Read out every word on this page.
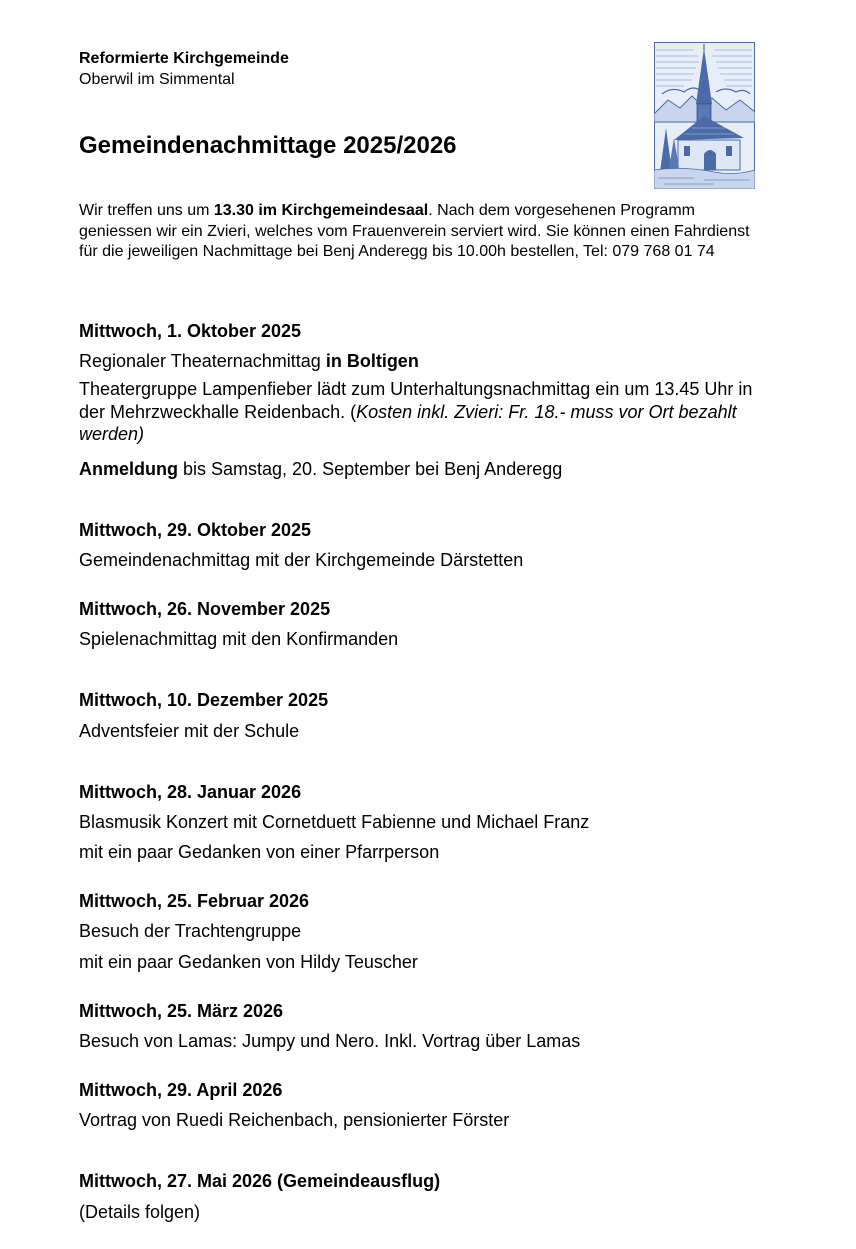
Reformierte Kirchgemeinde
Oberwil im Simmental
Gemeindenachmittage 2025/2026
Wir treffen uns um 13.30 im Kirchgemeindesaal. Nach dem vorgesehenen Programm geniessen wir ein Zvieri, welches vom Frauenverein serviert wird. Sie können einen Fahrdienst für die jeweiligen Nachmittage bei Benj Anderegg bis 10.00h bestellen, Tel: 079 768 01 74
Mittwoch, 1. Oktober 2025
Regionaler Theaternachmittag in Boltigen
Theatergruppe Lampenfieber lädt zum Unterhaltungsnachmittag ein um 13.45 Uhr in der Mehrzweckhalle Reidenbach. (Kosten inkl. Zvieri: Fr. 18.- muss vor Ort bezahlt werden)
Anmeldung bis Samstag, 20. September bei Benj Anderegg
Mittwoch, 29. Oktober 2025
Gemeindenachmittag mit der Kirchgemeinde Därstetten
Mittwoch, 26. November 2025
Spielenachmittag mit den Konfirmanden
Mittwoch, 10. Dezember 2025
Adventsfeier mit der Schule
Mittwoch, 28. Januar 2026
Blasmusik Konzert mit Cornetduett Fabienne und Michael Franz
mit ein paar Gedanken von einer Pfarrperson
Mittwoch, 25. Februar 2026
Besuch der Trachtengruppe
mit ein paar Gedanken von Hildy Teuscher
Mittwoch, 25. März 2026
Besuch von Lamas: Jumpy und Nero. Inkl. Vortrag über Lamas
Mittwoch, 29. April 2026
Vortrag von Ruedi Reichenbach, pensionierter Förster
Mittwoch, 27. Mai 2026 (Gemeindeausflug)
(Details folgen)
